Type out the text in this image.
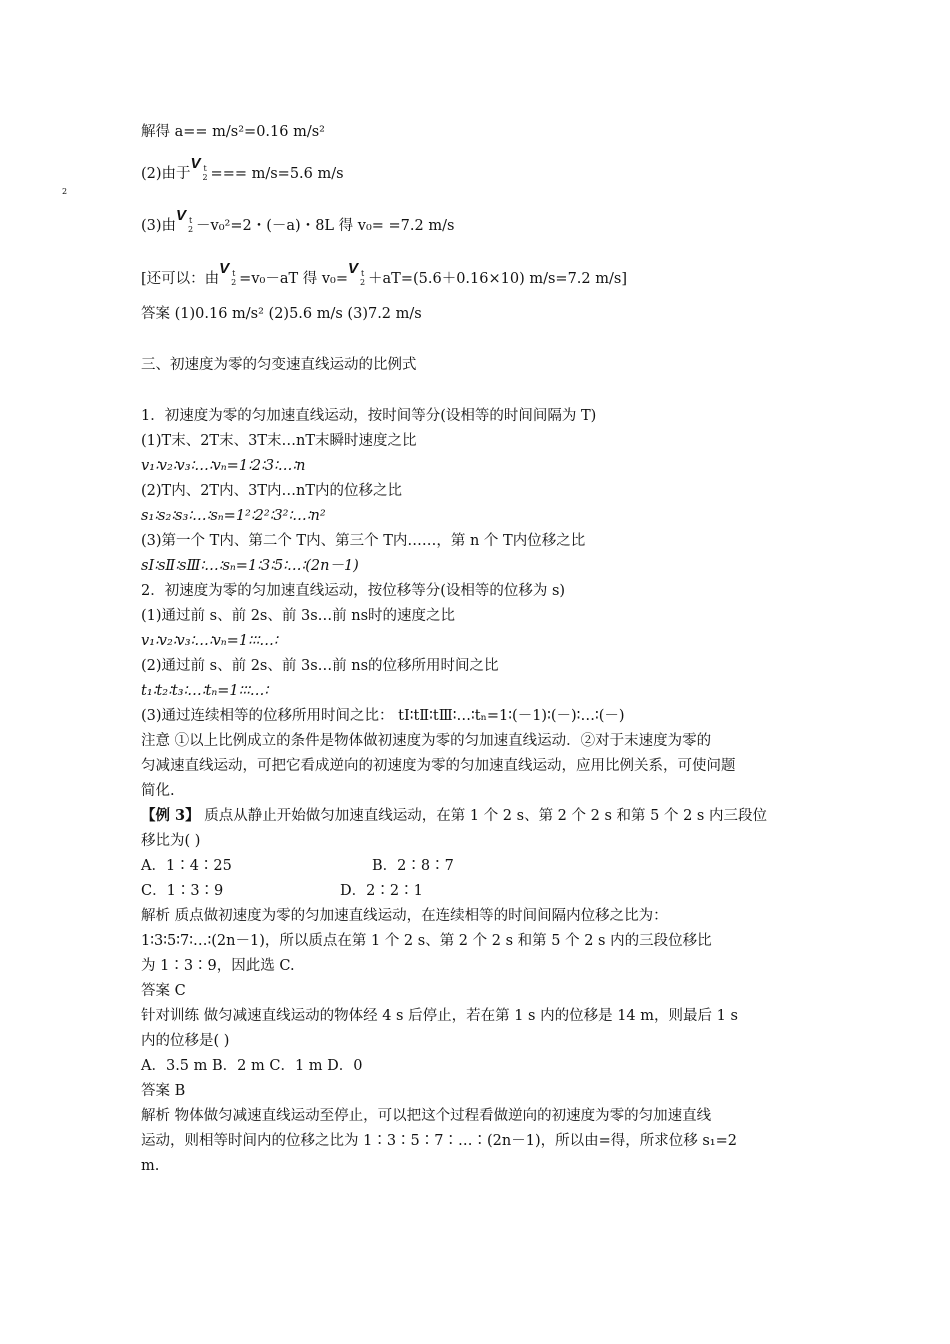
解得 a== m/s²=0.16 m/s²
(2)由于
V t
2 === m/s=5.6 m/s
(3)由
V t
2 －v₀²=2・(－a)・8L 得 v₀= =7.2 m/s
2
[还可以：由
V t
2 =v₀－aT 得 v₀=
V t
2 ＋aT=(5.6＋0.16×10) m/s=7.2 m/s]
答案 (1)0.16 m/s² (2)5.6 m/s (3)7.2 m/s
三、初速度为零的匀变速直线运动的比例式
1．初速度为零的匀加速直线运动，按时间等分(设相等的时间间隔为 T)
(1)T末、2T末、3T末…nT末瞬时速度之比
v₁∶v₂∶v₃∶…∶vₙ=1∶2∶3∶…∶n
(2)T内、2T内、3T内…nT内的位移之比
s₁∶s₂∶s₃∶…∶sₙ=1²∶2²∶3²∶…∶n²
(3)第一个 T内、第二个 T内、第三个 T内……，第 n 个 T内位移之比
sⅠ∶sⅡ∶sⅢ∶…∶sₙ=1∶3∶5∶…∶(2n－1)
2．初速度为零的匀加速直线运动，按位移等分(设相等的位移为 s)
(1)通过前 s、前 2s、前 3s…前 ns时的速度之比
v₁∶v₂∶v₃∶…∶vₙ=1∶∶∶…∶
(2)通过前 s、前 2s、前 3s…前 ns的位移所用时间之比
t₁∶t₂∶t₃∶…∶tₙ=1∶∶∶…∶
(3)通过连续相等的位移所用时间之比： tⅠ∶tⅡ∶tⅢ∶…∶tₙ=1∶(－1)∶(－)∶…∶(－)
注意 ①以上比例成立的条件是物体做初速度为零的匀加速直线运动．②对于末速度为零的
匀减速直线运动，可把它看成逆向的初速度为零的匀加速直线运动，应用比例关系，可使问题
简化.
【例 3】 质点从静止开始做匀加速直线运动，在第 1 个 2 s、第 2 个 2 s 和第 5 个 2 s 内三段位
移比为( )
A．1∶4∶25	B．2∶8∶7
C．1∶3∶9	D．2∶2∶1
解析 质点做初速度为零的匀加速直线运动，在连续相等的时间间隔内位移之比为：
1∶3∶5∶7∶…∶(2n－1)，所以质点在第 1 个 2 s、第 2 个 2 s 和第 5 个 2 s 内的三段位移比
为 1∶3∶9，因此选 C.
答案 C
针对训练 做匀减速直线运动的物体经 4 s 后停止，若在第 1 s 内的位移是 14 m，则最后 1 s
内的位移是( )
A．3.5 m B．2 m C．1 m D．0
答案 B
解析 物体做匀减速直线运动至停止，可以把这个过程看做逆向的初速度为零的匀加速直线
运动，则相等时间内的位移之比为 1∶3∶5∶7∶…∶(2n－1)，所以由=得，所求位移 s₁=2
m.
